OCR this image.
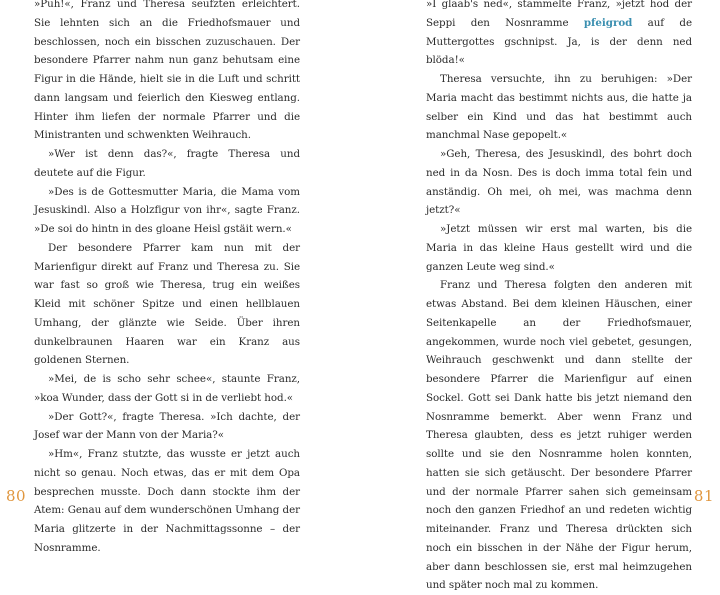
»Puh!«, Franz und Theresa seufzten erleichtert. Sie lehnten sich an die Friedhofsmauer und beschlossen, noch ein bisschen zuzuschauen. Der besondere Pfarrer nahm nun ganz behutsam eine Figur in die Hände, hielt sie in die Luft und schritt dann langsam und feierlich den Kiesweg entlang. Hinter ihm liefen der normale Pfarrer und die Ministranten und schwenkten Weihrauch.

»Wer ist denn das?«, fragte Theresa und deutete auf die Figur.

»Des is de Gottesmutter Maria, die Mama vom Jesuskindl. Also a Holzfigur von ihr«, sagte Franz. »De soi do hintn in des gloane Heisl gstäit wern.«

Der besondere Pfarrer kam nun mit der Marienfigur direkt auf Franz und Theresa zu. Sie war fast so groß wie Theresa, trug ein weißes Kleid mit schöner Spitze und einen hellblauen Umhang, der glänzte wie Seide. Über ihren dunkelbraunen Haaren war ein Kranz aus goldenen Sternen.

»Mei, de is scho sehr schee«, staunte Franz, »koa Wunder, dass der Gott si in de verliebt hod.«

»Der Gott?«, fragte Theresa. »Ich dachte, der Josef war der Mann von der Maria?«

»Hm«, Franz stutzte, das wusste er jetzt auch nicht so genau. Noch etwas, das er mit dem Opa besprechen musste. Doch dann stockte ihm der Atem: Genau auf dem wunderschönen Umhang der Maria glitzerte in der Nachmittagssonne – der Nosnramme.

80

»I glaab's ned«, stammelte Franz, »jetzt hod der Seppi den Nosnramme pfeigrod auf de Muttergottes gschnipst. Ja, is der denn ned blöda!«

Theresa versuchte, ihn zu beruhigen: »Der Maria macht das bestimmt nichts aus, die hatte ja selber ein Kind und das hat bestimmt auch manchmal Nase gepopelt.«

»Geh, Theresa, des Jesuskindl, des bohrt doch ned in da Nosn. Des is doch imma total fein und anständig. Oh mei, oh mei, was machma denn jetzt?«

»Jetzt müssen wir erst mal warten, bis die Maria in das kleine Haus gestellt wird und die ganzen Leute weg sind.«

Franz und Theresa folgten den anderen mit etwas Abstand. Bei dem kleinen Häuschen, einer Seitenkapelle an der Friedhofsmauer, angekommen, wurde noch viel gebetet, gesungen, Weihrauch geschwenkt und dann stellte der besondere Pfarrer die Marienfigur auf einen Sockel. Gott sei Dank hatte bis jetzt niemand den Nosnramme bemerkt. Aber wenn Franz und Theresa glaubten, dess es jetzt ruhiger werden sollte und sie den Nosnramme holen konnten, hatten sie sich getäuscht. Der besondere Pfarrer und der normale Pfarrer sahen sich gemeinsam noch den ganzen Friedhof an und redeten wichtig miteinander. Franz und Theresa drückten sich noch ein bisschen in der Nähe der Figur herum, aber dann beschlossen sie, erst mal heimzugehen und später noch mal zu kommen.

81
